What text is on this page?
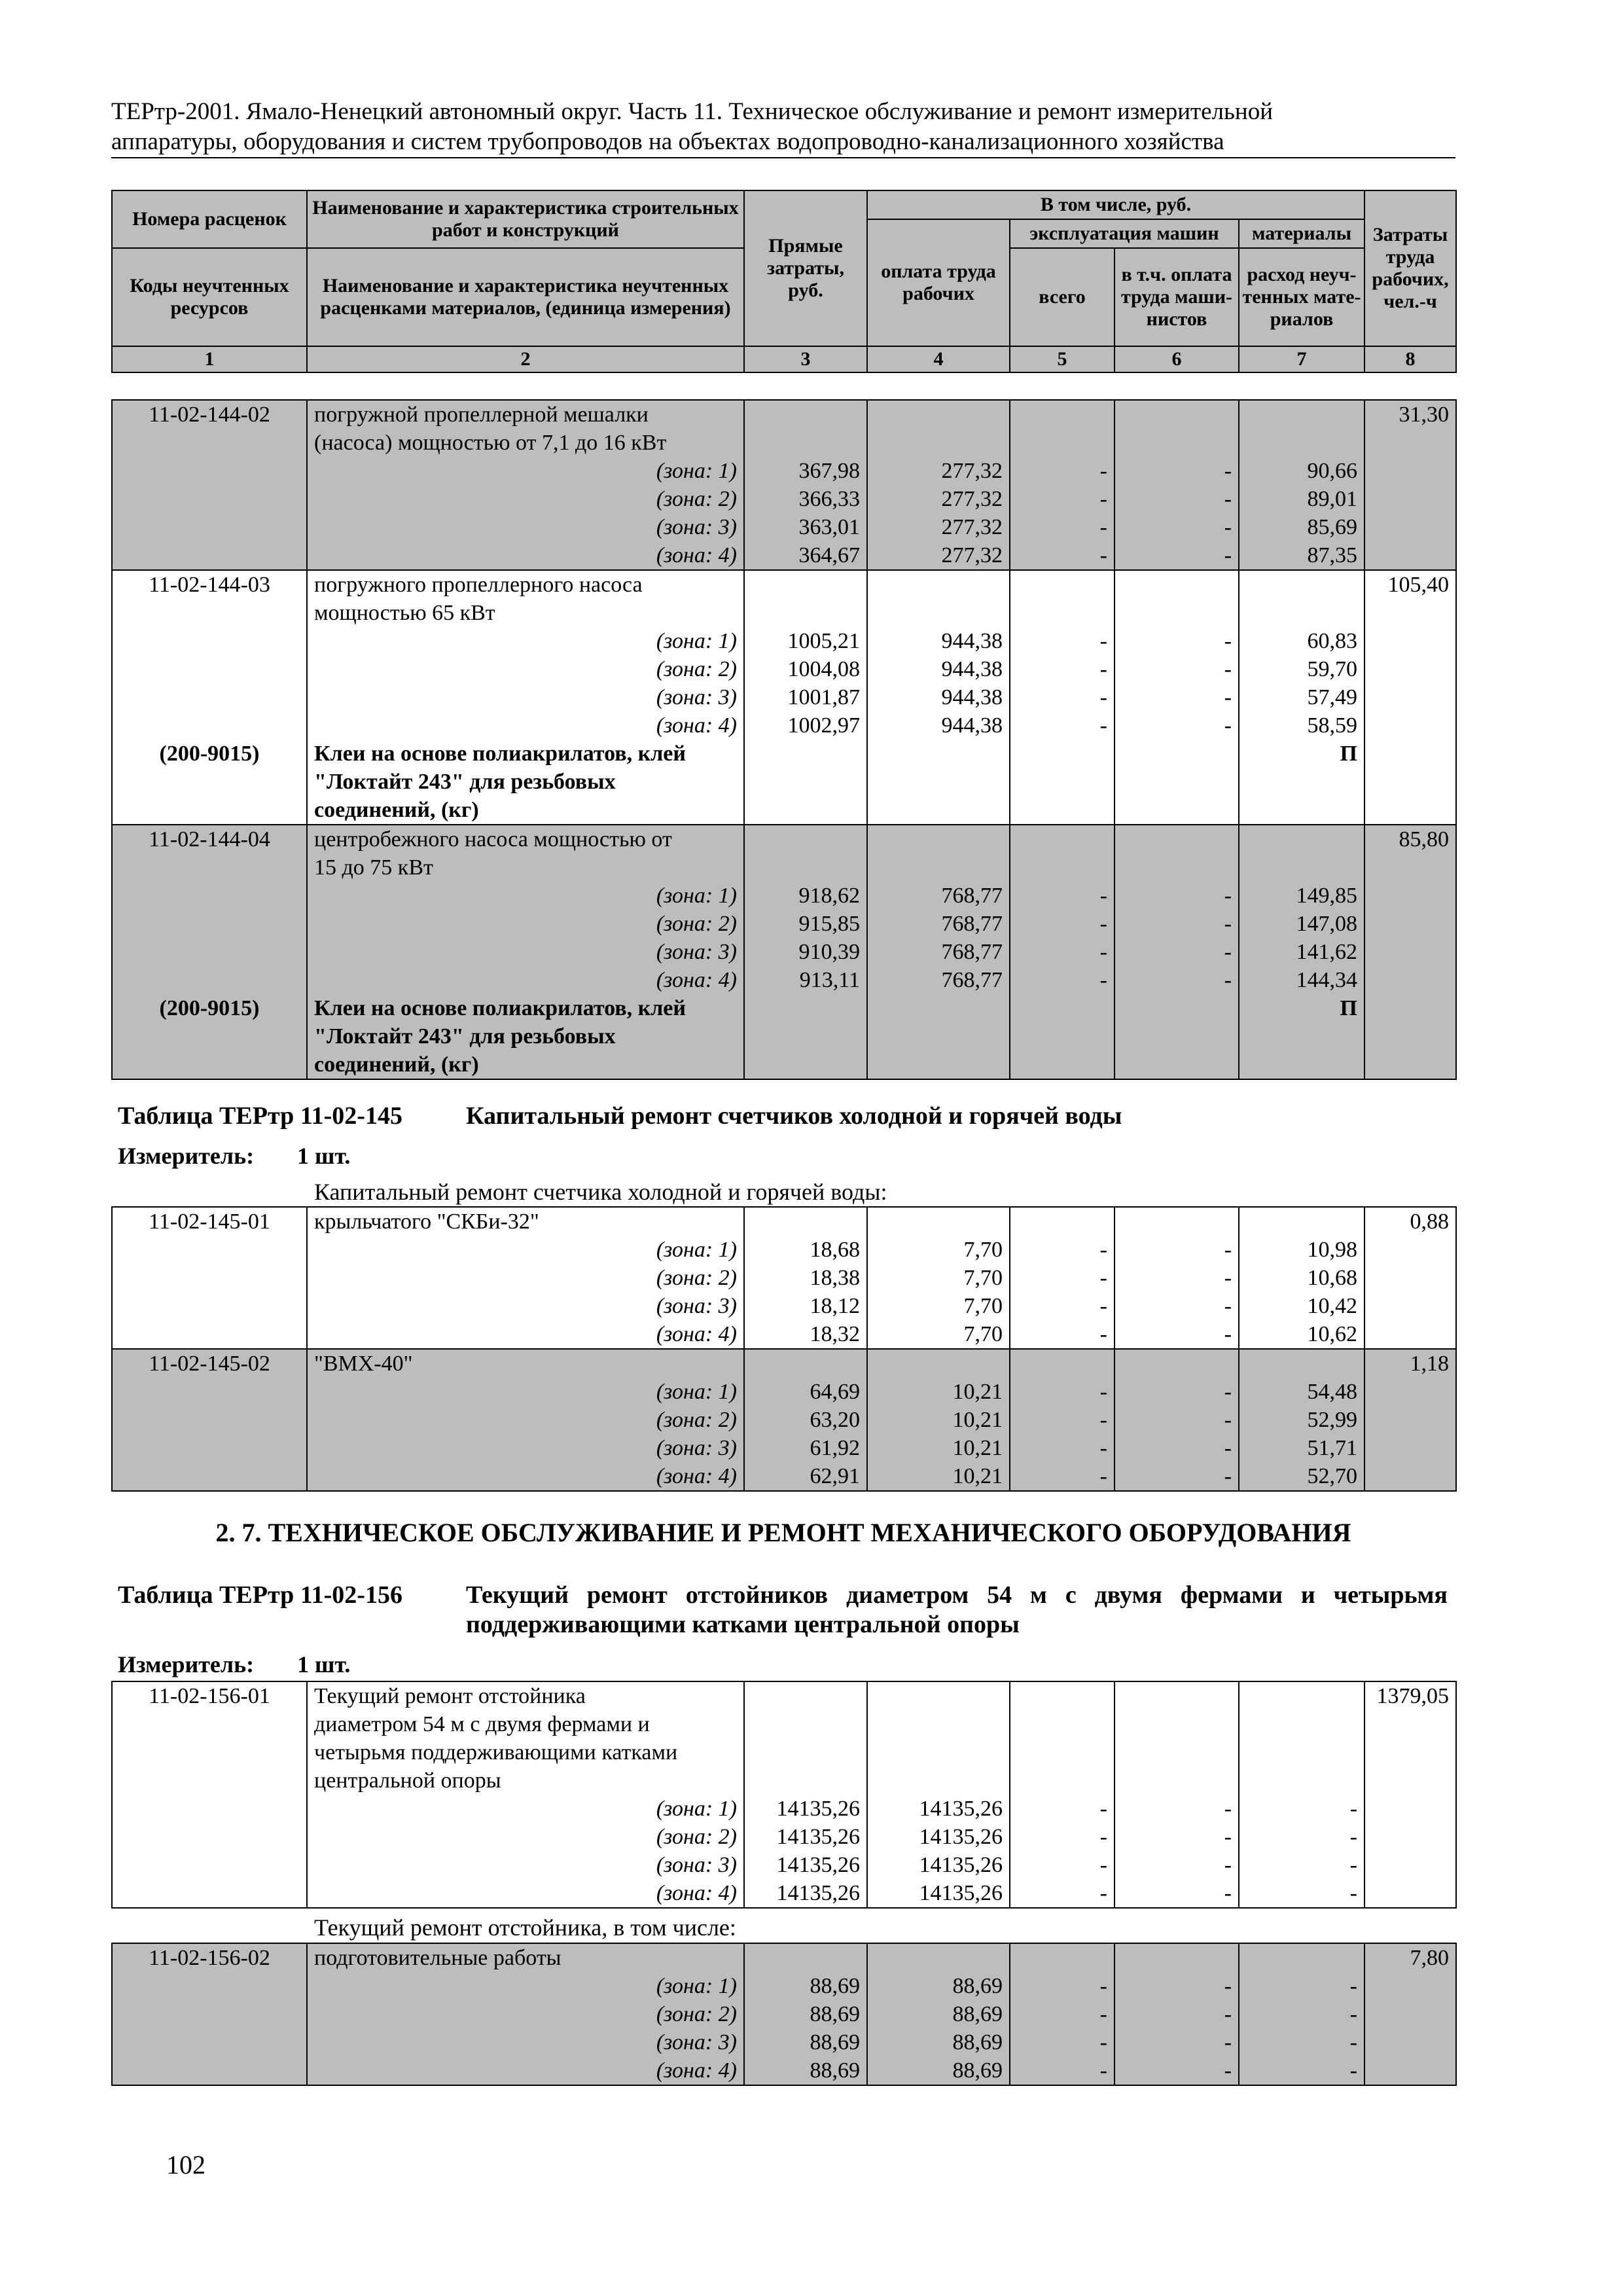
ТЕРтр-2001. Ямало-Ненецкий автономный округ. Часть 11. Техническое обслуживание и ремонт измерительной
аппаратуры, оборудования и систем трубопроводов на объектах водопроводно-канализационного хозяйства
Номера расценок	Наименование и характеристика строительных работ и конструкций	Прямые затраты, руб.	В том числе, руб.				Затраты труда рабочих, чел.-ч
			оплата труда рабочих	эксплуатация машин		материалы	
Коды неучтенных ресурсов	Наименование и характеристика неучтенных расценками материалов, (единица измерения)			всего	в т.ч. оплата труда маши-нистов	расход неуч-тенных мате-риалов	

1	2	3	4	5	6	7	8
11-02-144-02	погружной пропеллерной мешалки						31,30
	(насоса) мощностью от 7,1 до 16 кВт						
	(зона: 1)	367,98	277,32	-	-	90,66	
	(зона: 2)	366,33	277,32	-	-	89,01	
	(зона: 3)	363,01	277,32	-	-	85,69	
	(зона: 4)	364,67	277,32	-	-	87,35	
11-02-144-03	погружного пропеллерного насоса						105,40
	мощностью 65 кВт						
	(зона: 1)	1005,21	944,38	-	-	60,83	
	(зона: 2)	1004,08	944,38	-	-	59,70	
	(зона: 3)	1001,87	944,38	-	-	57,49	
	(зона: 4)	1002,97	944,38	-	-	58,59	
(200-9015)	Клеи на основе полиакрилатов, клей					П	
	"Локтайт 243" для резьбовых						
	соединений, (кг)						
11-02-144-04	центробежного насоса мощностью от						85,80
	15 до 75 кВт						
	(зона: 1)	918,62	768,77	-	-	149,85	
	(зона: 2)	915,85	768,77	-	-	147,08	
	(зона: 3)	910,39	768,77	-	-	141,62	
	(зона: 4)	913,11	768,77	-	-	144,34	
(200-9015)	Клеи на основе полиакрилатов, клей					П	
	"Локтайт 243" для резьбовых						
	соединений, (кг)						
Таблица ТЕРтр 11-02-145	Капитальный ремонт счетчиков холодной и горячей воды
Измеритель: 1 шт.
Капитальный ремонт счетчика холодной и горячей воды:
11-02-145-01	крыльчатого "СКБи-32"						0,88
	(зона: 1)	18,68	7,70	-	-	10,98	
	(зона: 2)	18,38	7,70	-	-	10,68	
	(зона: 3)	18,12	7,70	-	-	10,42	
	(зона: 4)	18,32	7,70	-	-	10,62	
11-02-145-02	"ВМХ-40"						1,18
	(зона: 1)	64,69	10,21	-	-	54,48	
	(зона: 2)	63,20	10,21	-	-	52,99	
	(зона: 3)	61,92	10,21	-	-	51,71	
	(зона: 4)	62,91	10,21	-	-	52,70	
2. 7. ТЕХНИЧЕСКОЕ ОБСЛУЖИВАНИЕ И РЕМОНТ МЕХАНИЧЕСКОГО ОБОРУДОВАНИЯ
Таблица ТЕРтр 11-02-156	Текущий ремонт отстойников диаметром 54 м с двумя фермами и четырьмя
поддерживающими катками центральной опоры
Измеритель: 1 шт.
11-02-156-01	Текущий ремонт отстойника						1379,05
	диаметром 54 м с двумя фермами и						
	четырьмя поддерживающими катками						
	центральной опоры						
	(зона: 1)	14135,26	14135,26	-	-	-	
	(зона: 2)	14135,26	14135,26	-	-	-	
	(зона: 3)	14135,26	14135,26	-	-	-	
	(зона: 4)	14135,26	14135,26	-	-	-	
Текущий ремонт отстойника, в том числе:
11-02-156-02	подготовительные работы						7,80
	(зона: 1)	88,69	88,69	-	-	-	
	(зона: 2)	88,69	88,69	-	-	-	
	(зона: 3)	88,69	88,69	-	-	-	
	(зона: 4)	88,69	88,69	-	-	-	
102
